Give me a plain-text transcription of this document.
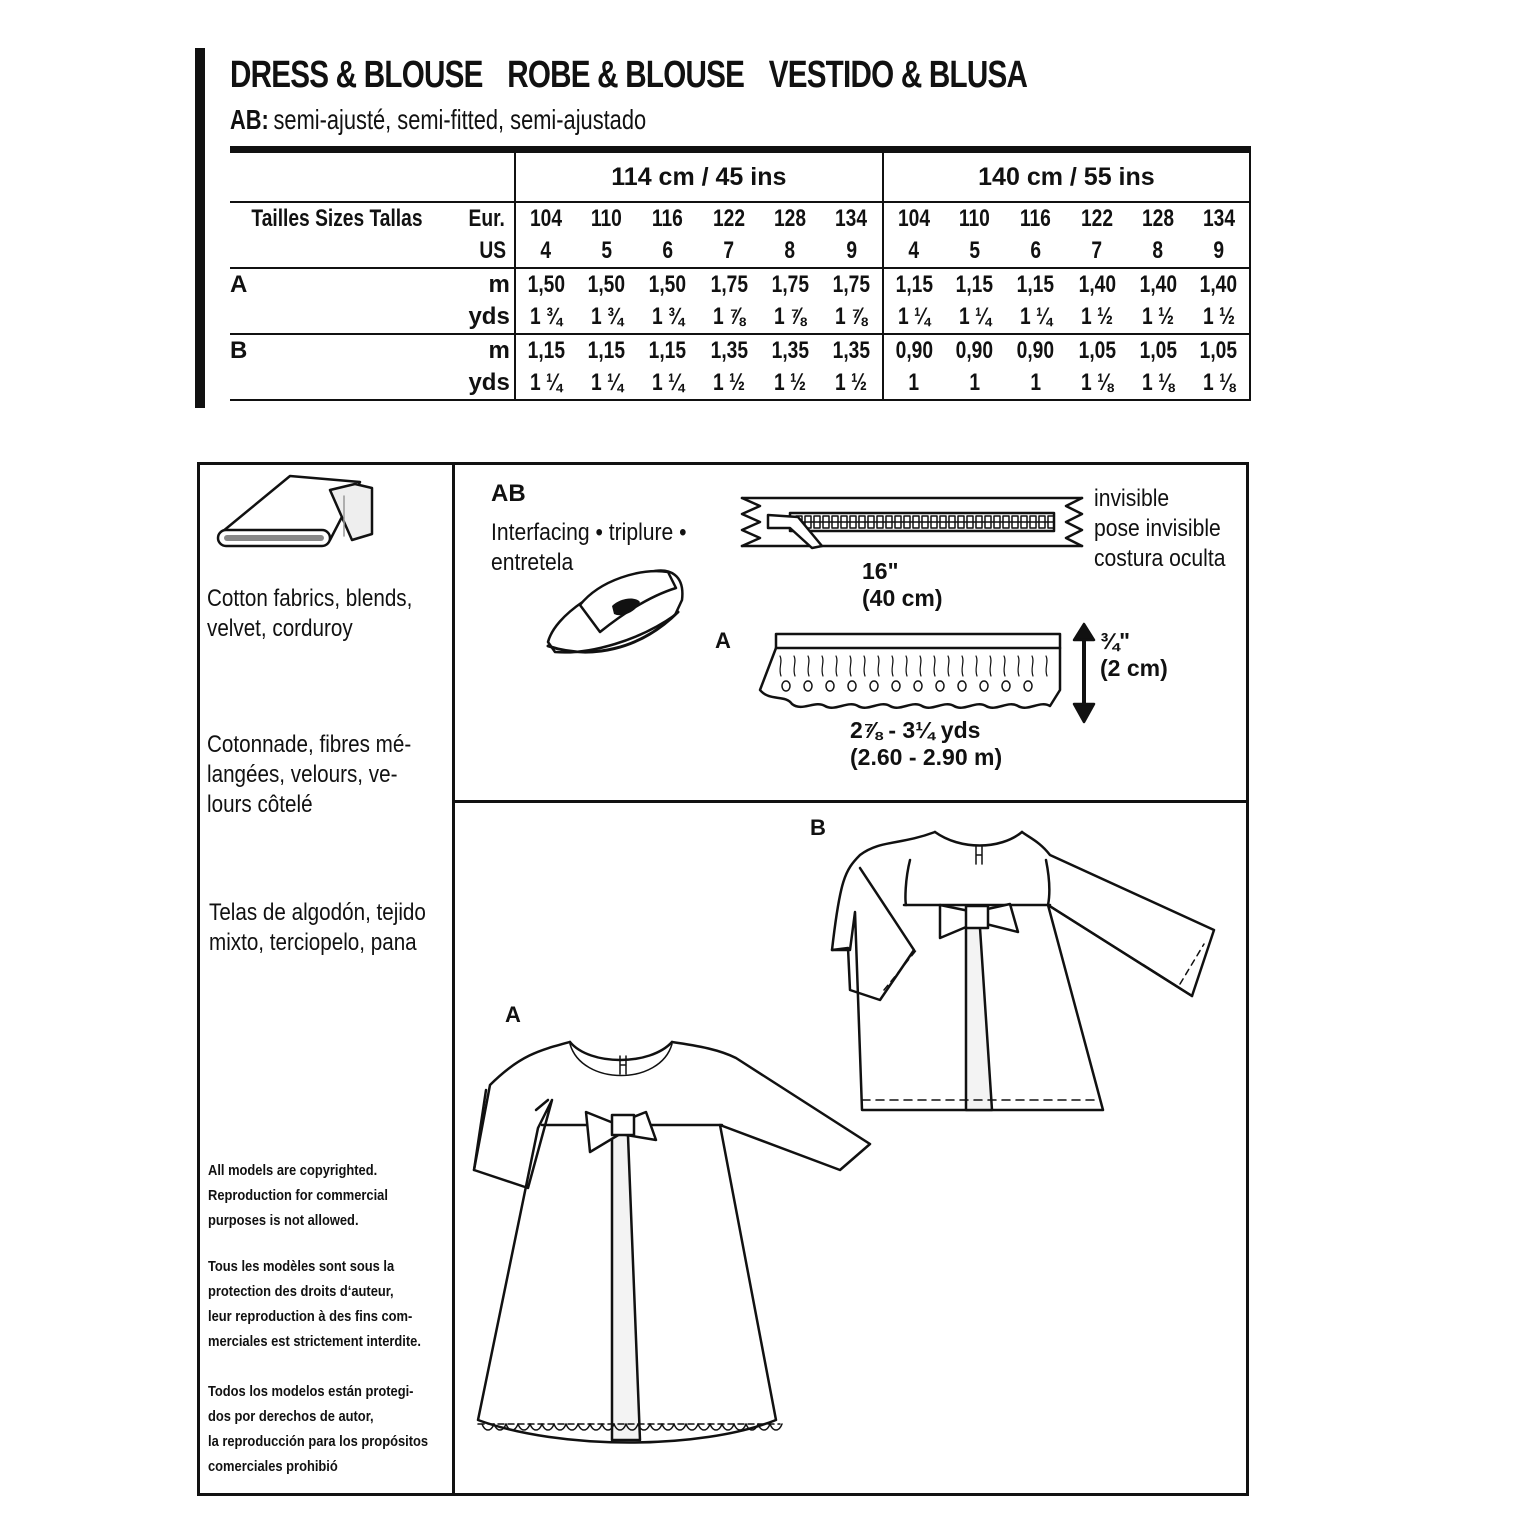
DRESS & BLOUSE ROBE & BLOUSE VESTIDO & BLUSA
AB: semi-ajusté, semi-fitted, semi-ajustado
		114 cm / 45 ins						140 cm / 55 ins					
Tailles Sizes Tallas	Eur.	104	110	116	122	128	134	104	110	116	122	128	134
	US	4	5	6	7	8	9	4	5	6	7	8	9
A	m	1,50	1,50	1,50	1,75	1,75	1,75	1,15	1,15	1,15	1,40	1,40	1,40
	yds	1 ¾	1 ¾	1 ¾	1 ⅞	1 ⅞	1 ⅞	1 ¼	1 ¼	1 ¼	1 ½	1 ½	1 ½
B	m	1,15	1,15	1,15	1,35	1,35	1,35	0,90	0,90	0,90	1,05	1,05	1,05
	yds	1 ¼	1 ¼	1 ¼	1 ½	1 ½	1 ½	1	1	1	1 ⅛	1 ⅛	1 ⅛
Cotton fabrics, blends,
velvet, corduroy
Cotonnade, fibres mé-
langées, velours, ve-
lours côtelé
Telas de algodón, tejido
mixto, terciopelo, pana
All models are copyrighted.
Reproduction for commercial
purposes is not allowed.
Tous les modèles sont sous la
protection des droits d‘auteur,
leur reproduction à des fins com-
merciales est strictement interdite.
Todos los modelos están protegi-
dos por derechos de autor,
la reproducción para los propósitos
comerciales prohibió
AB
Interfacing • triplure •
entretela
invisible
pose invisible
costura oculta
16"
(40 cm)
A	¾"
(2 cm)
2⅞ - 3¼ yds
(2.60 - 2.90 m)
B
A
